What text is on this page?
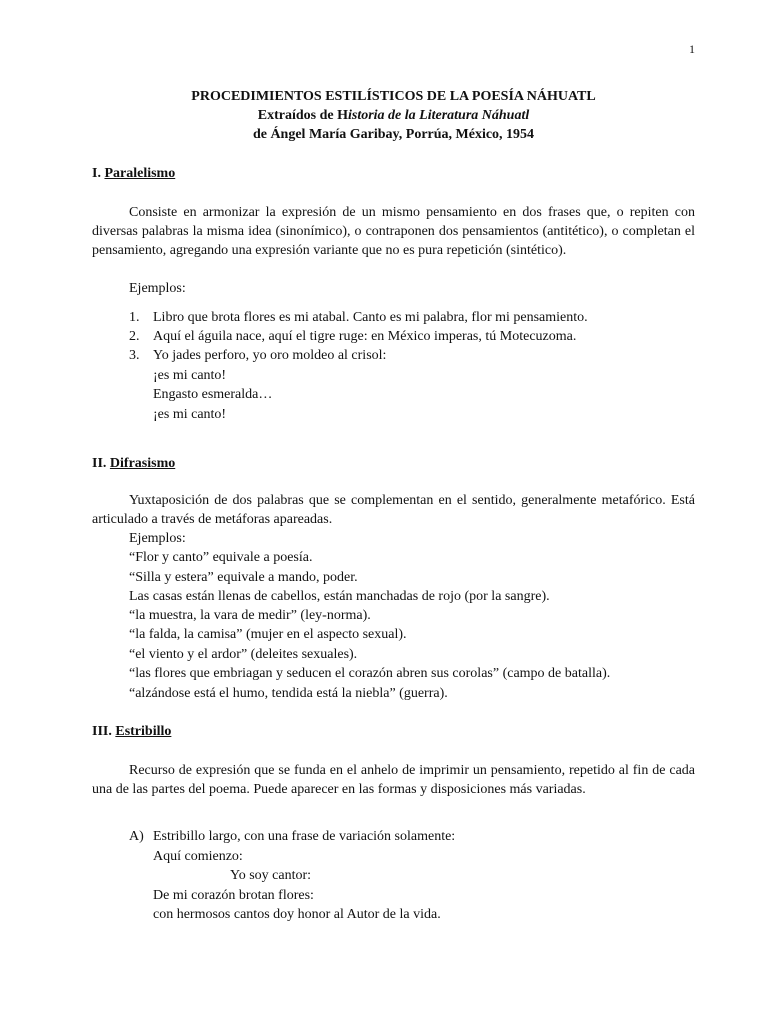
1
PROCEDIMIENTOS ESTILÍSTICOS DE LA POESÍA NÁHUATL
Extraídos de Historia de la Literatura Náhuatl
de Ángel María Garibay, Porrúa, México, 1954
I. Paralelismo
Consiste en armonizar la expresión de un mismo pensamiento en dos frases que, o repiten con diversas palabras la misma idea (sinonímico), o contraponen dos pensamientos (antitético), o completan el pensamiento, agregando una expresión variante que no es pura repetición (sintético).
Ejemplos:
1. Libro que brota flores es mi atabal. Canto es mi palabra, flor mi pensamiento.
2. Aquí el águila nace, aquí el tigre ruge: en México imperas, tú Motecuzoma.
3. Yo jades perforo, yo oro moldeo al crisol:
¡es mi canto!
Engasto esmeralda…
¡es mi canto!
II. Difrasismo
Yuxtaposición de dos palabras que se complementan en el sentido, generalmente metafórico. Está articulado a través de metáforas apareadas.
Ejemplos:
“Flor y canto” equivale a poesía.
“Silla y estera” equivale a mando, poder.
Las casas están llenas de cabellos, están manchadas de rojo (por la sangre).
“la muestra, la vara de medir” (ley-norma).
“la falda, la camisa” (mujer en el aspecto sexual).
“el viento y el ardor” (deleites sexuales).
“las flores que embriagan y seducen el corazón abren sus corolas” (campo de batalla).
“alzándose está el humo, tendida está la niebla” (guerra).
III. Estribillo
Recurso de expresión que se funda en el anhelo de imprimir un pensamiento, repetido al fin de cada una de las partes del poema. Puede aparecer en las formas y disposiciones más variadas.
A) Estribillo largo, con una frase de variación solamente:
Aquí comienzo:
Yo soy cantor:
De mi corazón brotan flores:
con hermosos cantos doy honor al Autor de la vida.
